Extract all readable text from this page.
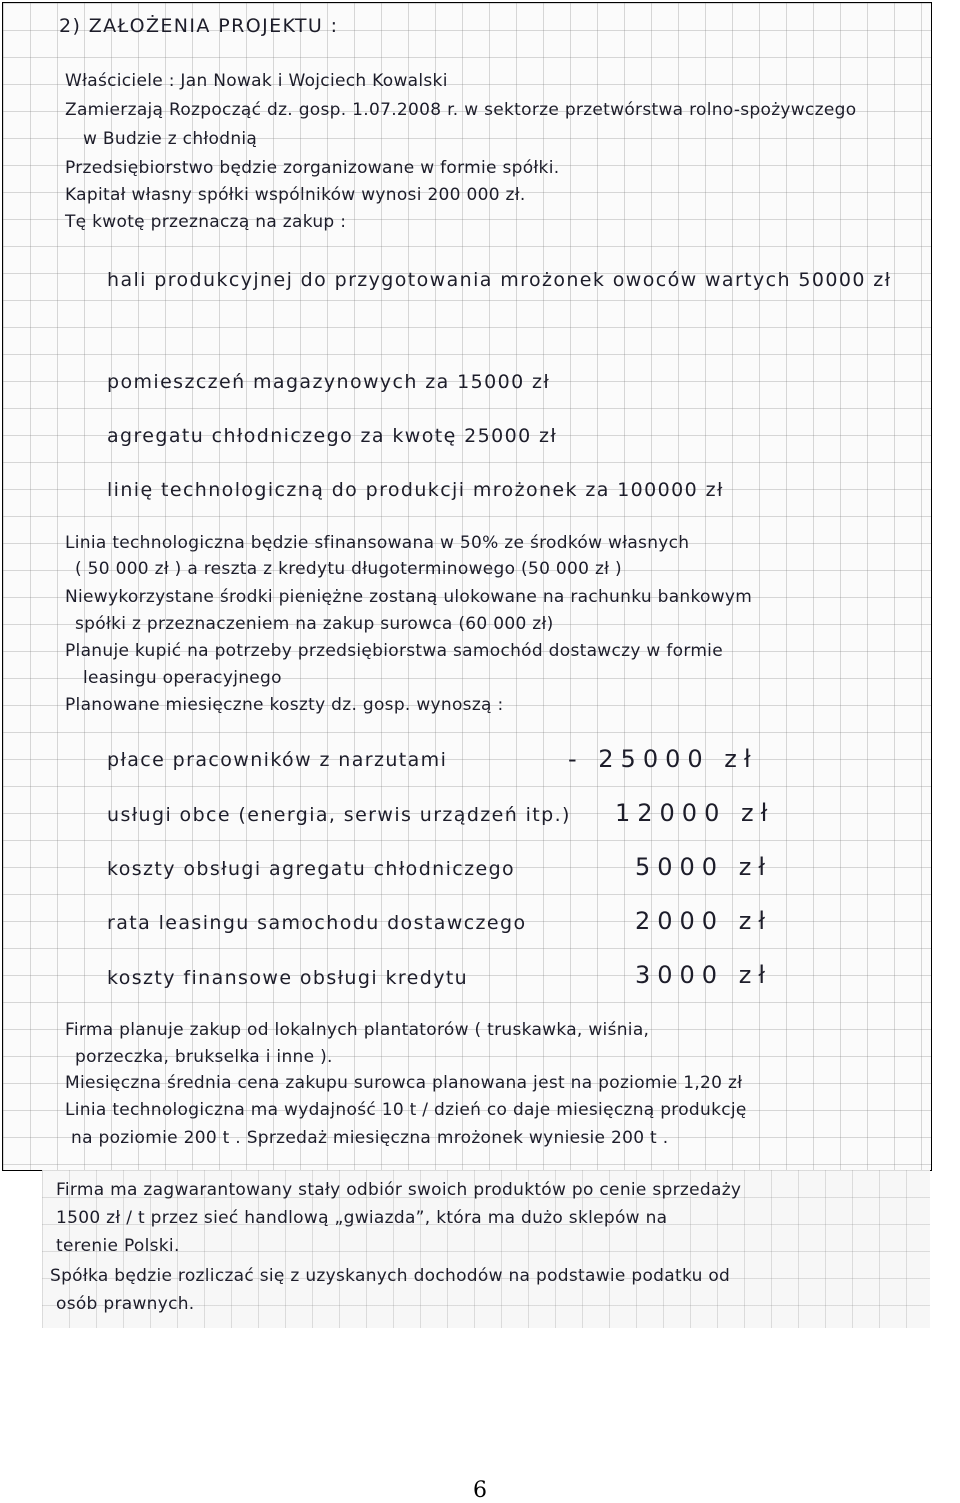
2) ZAŁOŻENIA PROJEKTU :

Właściciele : Jan Nowak i Wojciech Kowalski

Zamierzają Rozpocząć dz. gosp. 1.07.2008 r. w sektorze przetwórstwa rolno-spożywczego

w Budzie z chłodnią

Przedsiębiorstwo będzie zorganizowane w formie spółki.

Kapitał własny spółki wspólników wynosi 200 000 zł.

Tę kwotę przeznaczą na zakup :

hali produkcyjnej do przygotowania mrożonek owoców wartych 50000 zł

pomieszczeń magazynowych za 15000 zł

agregatu chłodniczego za kwotę 25000 zł

linię technologiczną do produkcji mrożonek za 100000 zł

Linia technologiczna będzie sfinansowana w 50% ze środków własnych

( 50 000 zł ) a reszta z kredytu długoterminowego (50 000 zł )

Niewykorzystane środki pieniężne zostaną ulokowane na rachunku bankowym

spółki z przeznaczeniem na zakup surowca (60 000 zł)

Planuje kupić na potrzeby przedsiębiorstwa samochód dostawczy w formie

leasingu operacyjnego

Planowane miesięczne koszty dz. gosp. wynoszą :

płace pracowników z narzutami	- 25000 zł

usługi obce (energia, serwis urządzeń itp.) 12000 zł

koszty obsługi agregatu chłodniczego	5000 zł

rata leasingu samochodu dostawczego	2000 zł

koszty finansowe obsługi kredytu	3000 zł

Firma planuje zakup od lokalnych plantatorów ( truskawka, wiśnia,

porzeczka, brukselka i inne ).

Miesięczna średnia cena zakupu surowca planowana jest na poziomie 1,20 zł

Linia technologiczna ma wydajność 10 t / dzień co daje miesięczną produkcję

na poziomie 200 t . Sprzedaż miesięczna mrożonek wyniesie 200 t .

Firma ma zagwarantowany stały odbiór swoich produktów po cenie sprzedaży

1500 zł / t przez sieć handlową „gwiazda”, która ma dużo sklepów na

terenie Polski.

Spółka będzie rozliczać się z uzyskanych dochodów na podstawie podatku od

osób prawnych.

6
